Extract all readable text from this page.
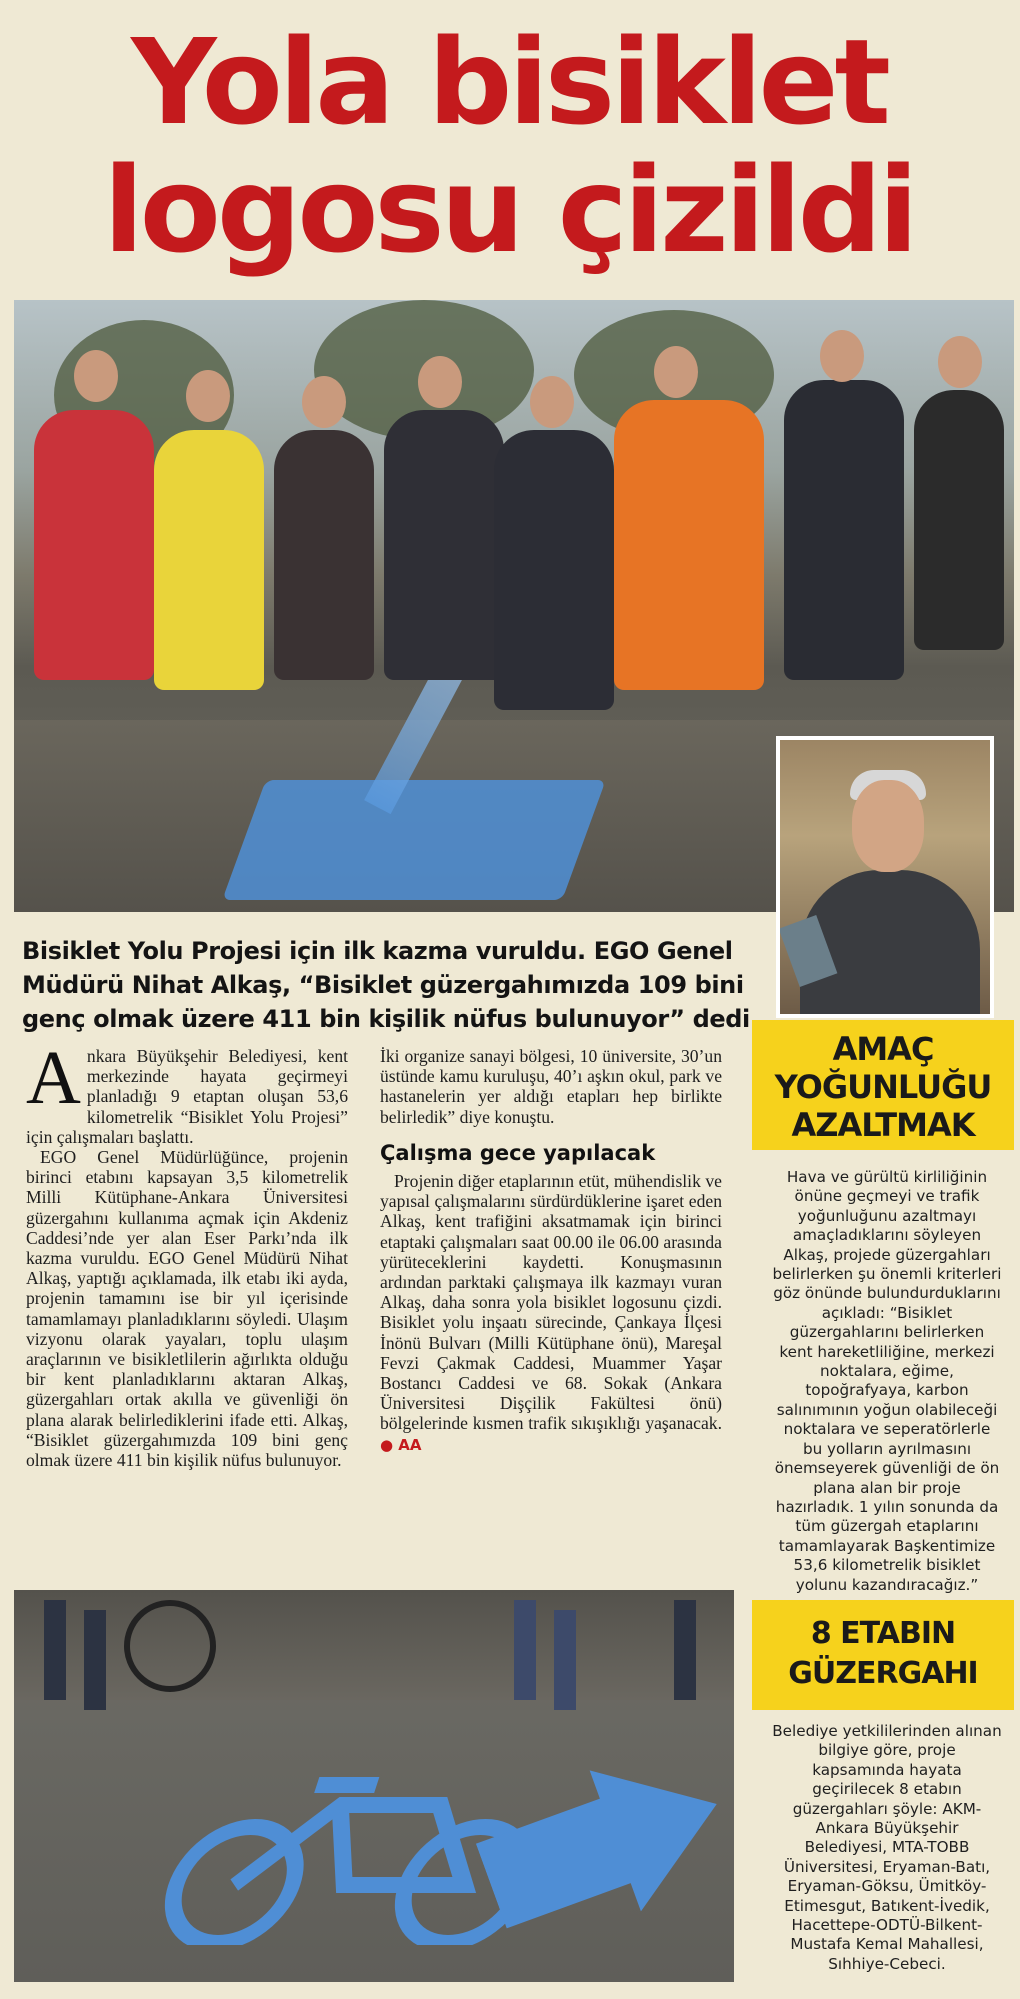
Yola bisiklet
logosu çizildi
Bisiklet Yolu Projesi için ilk kazma vuruldu. EGO Genel Müdürü Nihat Alkaş, “Bisiklet güzergahımızda 109 bini genç olmak üzere 411 bin kişilik nüfus bulunuyor” dedi

Ankara Büyükşehir Belediyesi, kent merkezinde hayata geçirmeyi planladığı 9 etaptan oluşan 53,6 kilometrelik “Bisiklet Yolu Projesi” için çalışmaları başlattı.

EGO Genel Müdürlüğünce, projenin birinci etabını kapsayan 3,5 kilometrelik Milli Kütüphane-Ankara Üniversitesi güzergahını kullanıma açmak için Akdeniz Caddesi’nde yer alan Eser Parkı’nda ilk kazma vuruldu. EGO Genel Müdürü Nihat Alkaş, yaptığı açıklamada, ilk etabı iki ayda, projenin tamamını ise bir yıl içerisinde tamamlamayı planladıklarını söyledi. Ulaşım vizyonu olarak yayaları, toplu ulaşım araçlarının ve bisikletlilerin ağırlıkta olduğu bir kent planladıklarını aktaran Alkaş, güzergahları ortak akılla ve güvenliği ön plana alarak belirlediklerini ifade etti. Alkaş, “Bisiklet güzergahımızda 109 bini genç olmak üzere 411 bin kişilik nüfus bulunuyor.

İki organize sanayi bölgesi, 10 üniversite, 30’un üstünde kamu kuruluşu, 40’ı aşkın okul, park ve hastanelerin yer aldığı etapları hep birlikte belirledik” diye konuştu.

Çalışma gece yapılacak

Projenin diğer etaplarının etüt, mühendislik ve yapısal çalışmalarını sürdürdüklerine işaret eden Alkaş, kent trafiğini aksatmamak için birinci etaptaki çalışmaları saat 00.00 ile 06.00 arasında yürüteceklerini kaydetti. Konuşmasının ardından parktaki çalışmaya ilk kazmayı vuran Alkaş, daha sonra yola bisiklet logosunu çizdi. Bisiklet yolu inşaatı sürecinde, Çankaya İlçesi İnönü Bulvarı (Milli Kütüphane önü), Mareşal Fevzi Çakmak Caddesi, Muammer Yaşar Bostancı Caddesi ve 68. Sokak (Ankara Üniversitesi Dişçilik Fakültesi önü) bölgelerinde kısmen trafik sıkışıklığı yaşanacak. ● AA

AMAÇ
YOĞUNLUĞU
AZALTMAK
Hava ve gürültü kirliliğinin önüne geçmeyi ve trafik yoğunluğunu azaltmayı amaçladıklarını söyleyen Alkaş, projede güzergahları belirlerken şu önemli kriterleri göz önünde bulundurduklarını açıkladı: “Bisiklet güzergahlarını belirlerken kent hareketliliğine, merkezi noktalara, eğime, topoğrafyaya, karbon salınımının yoğun olabileceği noktalara ve seperatörlerle bu yolların ayrılmasını önemseyerek güvenliği de ön plana alan bir proje hazırladık. 1 yılın sonunda da tüm güzergah etaplarını tamamlayarak Başkentimize 53,6 kilometrelik bisiklet yolunu kazandıracağız.”
8 ETABIN
GÜZERGAHI
Belediye yetkililerinden alınan bilgiye göre, proje kapsamında hayata geçirilecek 8 etabın güzergahları şöyle: AKM-Ankara Büyükşehir Belediyesi, MTA-TOBB Üniversitesi, Eryaman-Batı, Eryaman-Göksu, Ümitköy-Etimesgut, Batıkent-İvedik, Hacettepe-ODTÜ-Bilkent-Mustafa Kemal Mahallesi, Sıhhiye-Cebeci.
